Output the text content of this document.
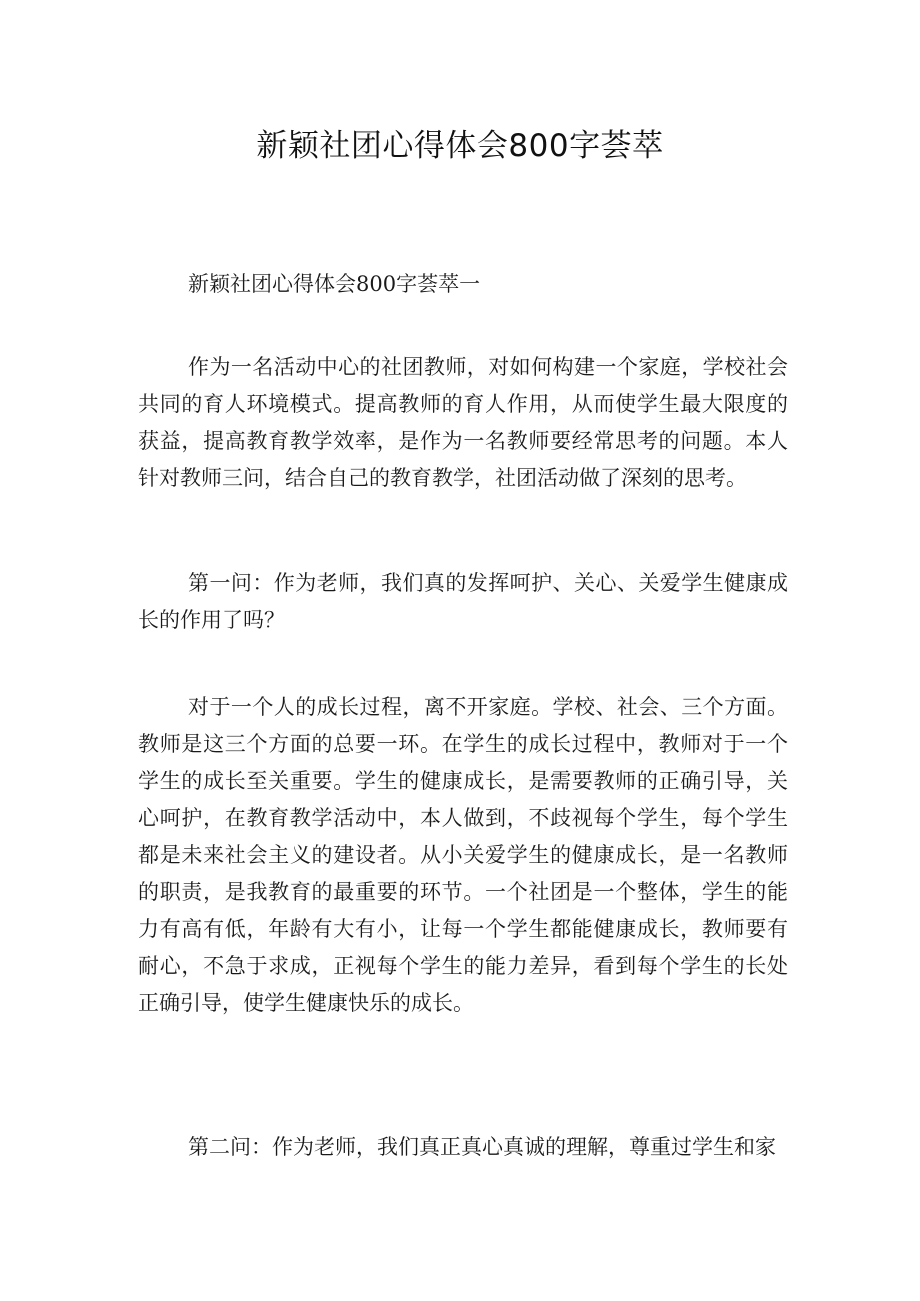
新颖社团心得体会800字荟萃

新颖社团心得体会800字荟萃一

作为一名活动中心的社团教师，对如何构建一个家庭，学校社会共同的育人环境模式。提高教师的育人作用，从而使学生最大限度的获益，提高教育教学效率，是作为一名教师要经常思考的问题。本人针对教师三问，结合自己的教育教学，社团活动做了深刻的思考。

第一问：作为老师，我们真的发挥呵护、关心、关爱学生健康成长的作用了吗？

对于一个人的成长过程，离不开家庭。学校、社会、三个方面。教师是这三个方面的总要一环。在学生的成长过程中，教师对于一个学生的成长至关重要。学生的健康成长，是需要教师的正确引导，关心呵护，在教育教学活动中，本人做到，不歧视每个学生，每个学生都是未来社会主义的建设者。从小关爱学生的健康成长，是一名教师的职责，是我教育的最重要的环节。一个社团是一个整体，学生的能力有高有低，年龄有大有小，让每一个学生都能健康成长，教师要有耐心，不急于求成，正视每个学生的能力差异，看到每个学生的长处正确引导，使学生健康快乐的成长。

第二问：作为老师，我们真正真心真诚的理解，尊重过学生和家
